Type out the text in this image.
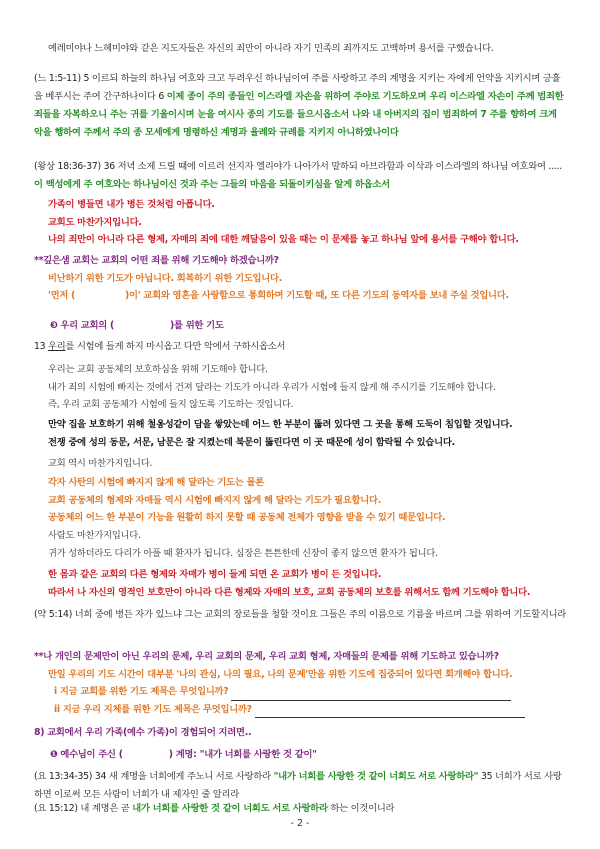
예레미야나 느헤미야와 같은 지도자들은 자신의 죄만이 아니라 자기 민족의 죄까지도 고백하며 용서를 구했습니다.

(느 1:5-11) 5 이르되 하늘의 하나님 여호와 크고 두려우신 하나님이여 주를 사랑하고 주의 계명을 지키는 자에게 언약을 지키시며 긍휼을 베푸시는 주여 간구하나이다 6 이제 종이 주의 종들인 이스라엘 자손을 위하여 주야로 기도하오며 우리 이스라엘 자손이 주께 범죄한 죄들을 자복하오니 주는 귀를 기울이시며 눈을 여시사 종의 기도를 들으시옵소서 나와 내 아버지의 집이 범죄하여 7 주를 향하여 크게 악을 행하여 주께서 주의 종 모세에게 명령하신 계명과 율례와 규례를 지키지 아니하였나이다

(왕상 18:36-37) 36 저녁 소제 드릴 때에 이르러 선지자 엘리야가 나아가서 말하되 아브라함과 이삭과 이스라엘의 하나님 여호와여 ..... 이 백성에게 주 여호와는 하나님이신 것과 주는 그들의 마음을 되돌이키심을 알게 하옵소서

가족이 병들면 내가 병든 것처럼 아픕니다.
교회도 마찬가지입니다.
나의 죄만이 아니라 다른 형제, 자매의 죄에 대한 깨달음이 있을 때는 이 문제를 놓고 하나님 앞에 용서를 구해야 합니다.
**깊은샘 교회는 교회의 어떤 죄를 위해 기도해야 하겠습니까?
비난하기 위한 기도가 아닙니다. 회복하기 위한 기도입니다.
'먼저 (	)이' 교회와 영혼을 사랑함으로 통회하며 기도할 때, 또 다른 기도의 동역자를 보내 주실 것입니다.
❸ 우리 교회의 (	)를 위한 기도

13 우리를 시험에 들게 하지 마시옵고 다만 악에서 구하시옵소서

우리는 교회 공동체의 보호하심을 위해 기도해야 합니다.
내가 죄의 시험에 빠지는 것에서 건져 달라는 기도가 아니라 우리가 시험에 들지 않게 해 주시기를 기도해야 합니다.
즉, 우리 교회 공동체가 시험에 들지 않도록 기도하는 것입니다.
만약 집을 보호하기 위해 철옹성같이 담을 쌓았는데 어느 한 부분이 뚫려 있다면 그 곳을 통해 도둑이 침입할 것입니다.
전쟁 중에 성의 동문, 서문, 남문은 잘 지켰는데 북문이 뚫린다면 이 곳 때문에 성이 함락될 수 있습니다.
교회 역시 마찬가지입니다.
각자 사탄의 시험에 빠지지 않게 해 달라는 기도는 물론
교회 공동체의 형제와 자매들 역시 시험에 빠지지 않게 해 달라는 기도가 필요합니다.
공동체의 어느 한 부분이 기능을 원활히 하지 못할 때 공동체 전체가 영향을 받을 수 있기 때문입니다.
사람도 마찬가지입니다.
귀가 성하더라도 다리가 아플 때 환자가 됩니다. 심장은 튼튼한데 신장이 좋지 않으면 환자가 됩니다.
한 몸과 같은 교회의 다른 형제와 자매가 병이 들게 되면 온 교회가 병이 든 것입니다.
따라서 나 자신의 영적인 보호만이 아니라 다른 형제와 자매의 보호, 교회 공동체의 보호를 위해서도 함께 기도해야 합니다.

(약 5:14) 너희 중에 병든 자가 있느냐 그는 교회의 장로들을 청할 것이요 그들은 주의 이름으로 기름을 바르며 그를 위하여 기도할지니라

**나 개인의 문제만이 아닌 우리의 문제, 우리 교회의 문제, 우리 교회 형제, 자매들의 문제를 위해 기도하고 있습니까?
만일 우리의 기도 시간이 대부분 '나의 관심, 나의 필요, 나의 문제'만을 위한 기도에 집중되어 있다면 회개해야 합니다.
i 지금 교회를 위한 기도 제목은 무엇입니까?
ii 지금 우리 지체를 위한 기도 제목은 무엇입니까?
8) 교회에서 우리 가족(예수 가족)이 경험되어 지려면..
❶ 예수님이 주신 (	) 계명: "내가 너희를 사랑한 것 같이"

(요 13:34-35) 34 새 계명을 너희에게 주노니 서로 사랑하라 "내가 너희를 사랑한 것 같이 너희도 서로 사랑하라" 35 너희가 서로 사랑하면 이로써 모든 사람이 너희가 내 제자인 줄 알리라

(요 15:12) 내 계명은 곧 내가 너희를 사랑한 것 같이 너희도 서로 사랑하라 하는 이것이니라

- 2 -
